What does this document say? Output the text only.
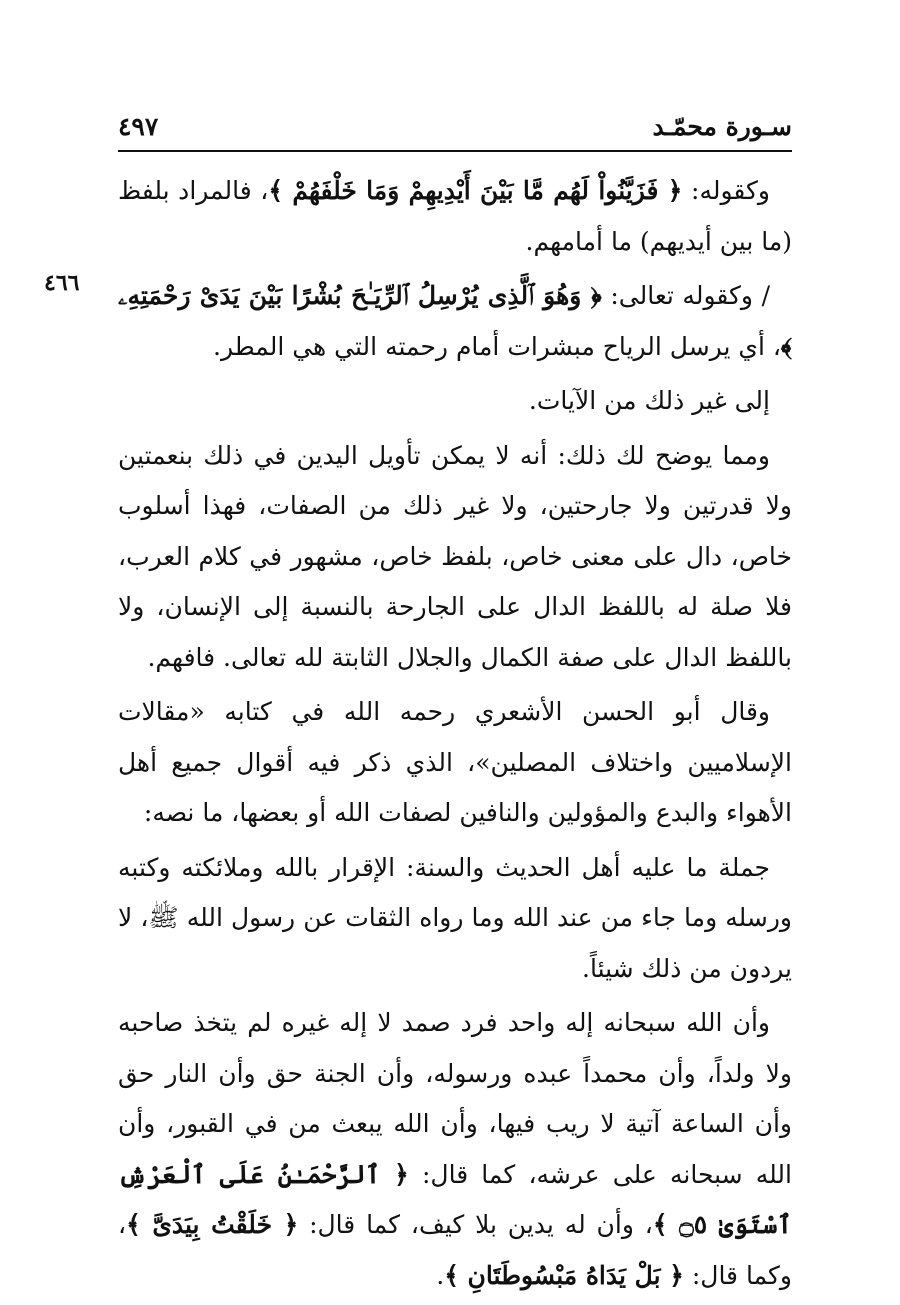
سـورة محمّـد
٤٩٧
٤٦٦

وكقوله: ﴿ فَزَيَّنُواْ لَهُم مَّا بَيْنَ أَيْدِيهِمْ وَمَا خَلْفَهُمْ ﴾، فالمراد بلفظ (ما بين أيديهم) ما أمامهم.

/ وكقوله تعالى: ﴿ وَهُوَ ٱلَّذِى يُرْسِلُ ٱلرِّيَـٰحَ بُشْرًا بَيْنَ يَدَىْ رَحْمَتِهِۦ ﴾، أي يرسل الرياح مبشرات أمام رحمته التي هي المطر.

إلى غير ذلك من الآيات.

ومما يوضح لك ذلك: أنه لا يمكن تأويل اليدين في ذلك بنعمتين ولا قدرتين ولا جارحتين، ولا غير ذلك من الصفات، فهذا أسلوب خاص، دال على معنى خاص، بلفظ خاص، مشهور في كلام العرب، فلا صلة له باللفظ الدال على الجارحة بالنسبة إلى الإنسان، ولا باللفظ الدال على صفة الكمال والجلال الثابتة لله تعالى. فافهم.

وقال أبو الحسن الأشعري رحمه الله في كتابه «مقالات الإسلاميين واختلاف المصلين»، الذي ذكر فيه أقوال جميع أهل الأهواء والبدع والمؤولين والنافين لصفات الله أو بعضها، ما نصه:

جملة ما عليه أهل الحديث والسنة: الإقرار بالله وملائكته وكتبه ورسله وما جاء من عند الله وما رواه الثقات عن رسول الله ﷺ، لا يردون من ذلك شيئاً.

وأن الله سبحانه إله واحد فرد صمد لا إله غيره لم يتخذ صاحبه ولا ولداً، وأن محمداً عبده ورسوله، وأن الجنة حق وأن النار حق وأن الساعة آتية لا ريب فيها، وأن الله يبعث من في القبور، وأن الله سبحانه على عرشه، كما قال: ﴿ ٱلرَّحْمَـٰنُ عَلَى ٱلْعَرْشِ ٱسْتَوَىٰ ۝٥ ﴾، وأن له يدين بلا كيف، كما قال: ﴿ خَلَقْتُ بِيَدَىَّ ﴾، وكما قال: ﴿ بَلْ يَدَاهُ مَبْسُوطَتَانِ ﴾.
